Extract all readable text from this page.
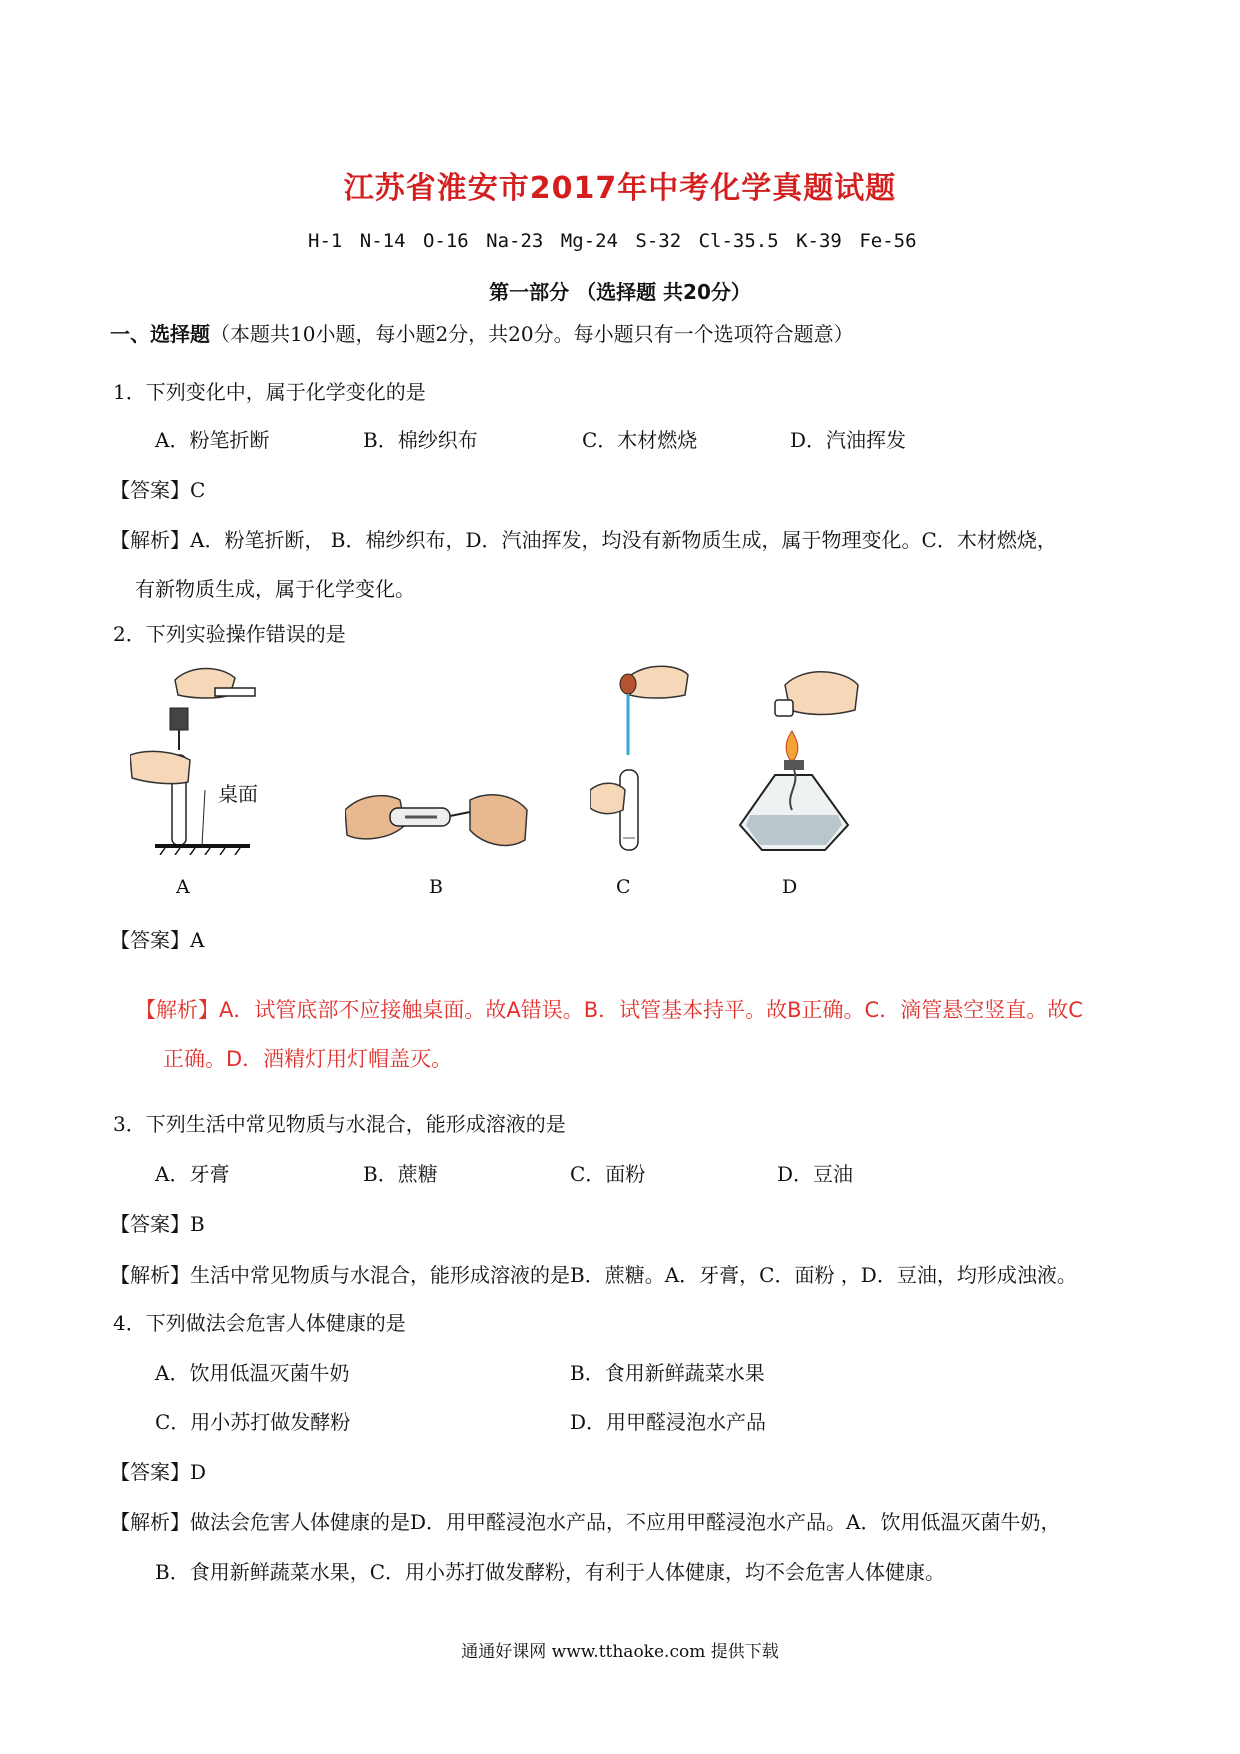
江苏省淮安市2017年中考化学真题试题
H-1 N-14 O-16 Na-23 Mg-24 S-32 Cl-35.5 K-39 Fe-56
第一部分 （选择题 共20分）
一、选择题（本题共10小题，每小题2分，共20分。每小题只有一个选项符合题意）
1．下列变化中，属于化学变化的是
A．粉笔折断	B．棉纱织布	C．木材燃烧	D．汽油挥发
【答案】C
【解析】A．粉笔折断， B．棉纱织布，D．汽油挥发，均没有新物质生成，属于物理变化。C．木材燃烧，
有新物质生成，属于化学变化。
2．下列实验操作错误的是
桌面
A	B	C	D
【答案】A
【解析】A．试管底部不应接触桌面。故A错误。B．试管基本持平。故B正确。C．滴管悬空竖直。故C
正确。D．酒精灯用灯帽盖灭。
3．下列生活中常见物质与水混合，能形成溶液的是
A．牙膏	B．蔗糖	C．面粉	D．豆油
【答案】B
【解析】生活中常见物质与水混合，能形成溶液的是B．蔗糖。A．牙膏，C．面粉 ，D．豆油，均形成浊液。
4．下列做法会危害人体健康的是
A．饮用低温灭菌牛奶	B．食用新鲜蔬菜水果
C．用小苏打做发酵粉	D．用甲醛浸泡水产品
【答案】D
【解析】做法会危害人体健康的是D．用甲醛浸泡水产品，不应用甲醛浸泡水产品。A．饮用低温灭菌牛奶，
B．食用新鲜蔬菜水果，C．用小苏打做发酵粉，有利于人体健康，均不会危害人体健康。
通通好课网 www.tthaoke.com 提供下载
